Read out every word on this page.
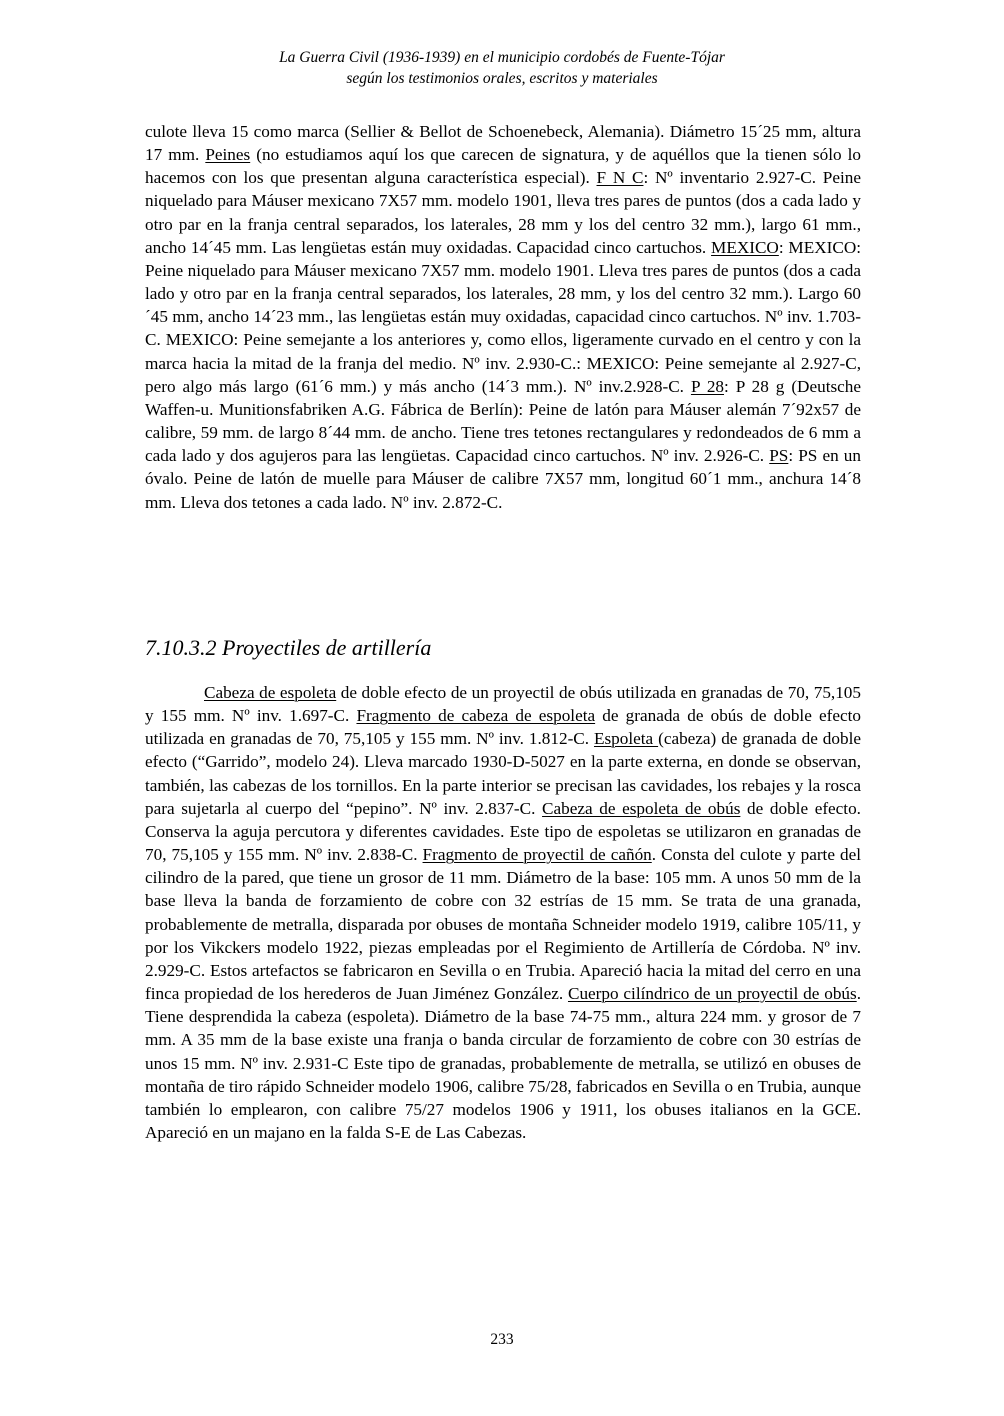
La Guerra Civil (1936-1939) en el municipio cordobés de Fuente-Tójar
según los testimonios orales, escritos y materiales

culote lleva 15 como marca (Sellier & Bellot de Schoenebeck, Alemania). Diámetro 15´25 mm, altura 17 mm. Peines (no estudiamos aquí los que carecen de signatura, y de aquéllos que la tienen sólo lo hacemos con los que presentan alguna característica especial). F N C: Nº inventario 2.927-C. Peine niquelado para Máuser mexicano 7X57 mm. modelo 1901, lleva tres pares de puntos (dos a cada lado y otro par en la franja central separados, los laterales, 28 mm y los del centro 32 mm.), largo 61 mm., ancho 14´45 mm. Las lengüetas están muy oxidadas. Capacidad cinco cartuchos. MEXICO: MEXICO: Peine niquelado para Máuser mexicano 7X57 mm. modelo 1901. Lleva tres pares de puntos (dos a cada lado y otro par en la franja central separados, los laterales, 28 mm, y los del centro 32 mm.). Largo 60´45 mm, ancho 14´23 mm., las lengüetas están muy oxidadas, capacidad cinco cartuchos. Nº inv. 1.703-C. MEXICO: Peine semejante a los anteriores y, como ellos, ligeramente curvado en el centro y con la marca hacia la mitad de la franja del medio. Nº inv. 2.930-C.: MEXICO: Peine semejante al 2.927-C, pero algo más largo (61´6 mm.) y más ancho (14´3 mm.). Nº inv.2.928-C. P 28: P 28 g (Deutsche Waffen-u. Munitionsfabriken A.G. Fábrica de Berlín): Peine de latón para Máuser alemán 7´92x57 de calibre, 59 mm. de largo 8´44 mm. de ancho. Tiene tres tetones rectangulares y redondeados de 6 mm a cada lado y dos agujeros para las lengüetas. Capacidad cinco cartuchos. Nº inv. 2.926-C. PS: PS en un óvalo. Peine de latón de muelle para Máuser de calibre 7X57 mm, longitud 60´1 mm., anchura 14´8 mm. Lleva dos tetones a cada lado. Nº inv. 2.872-C.

7.10.3.2 Proyectiles de artillería

Cabeza de espoleta de doble efecto de un proyectil de obús utilizada en granadas de 70, 75,105 y 155 mm. Nº inv. 1.697-C. Fragmento de cabeza de espoleta de granada de obús de doble efecto utilizada en granadas de 70, 75,105 y 155 mm. Nº inv. 1.812-C. Espoleta (cabeza) de granada de doble efecto (“Garrido”, modelo 24). Lleva marcado 1930-D-5027 en la parte externa, en donde se observan, también, las cabezas de los tornillos. En la parte interior se precisan las cavidades, los rebajes y la rosca para sujetarla al cuerpo del “pepino”. Nº inv. 2.837-C. Cabeza de espoleta de obús de doble efecto. Conserva la aguja percutora y diferentes cavidades. Este tipo de espoletas se utilizaron en granadas de 70, 75,105 y 155 mm. Nº inv. 2.838-C. Fragmento de proyectil de cañón. Consta del culote y parte del cilindro de la pared, que tiene un grosor de 11 mm. Diámetro de la base: 105 mm. A unos 50 mm de la base lleva la banda de forzamiento de cobre con 32 estrías de 15 mm. Se trata de una granada, probablemente de metralla, disparada por obuses de montaña Schneider modelo 1919, calibre 105/11, y por los Vikckers modelo 1922, piezas empleadas por el Regimiento de Artillería de Córdoba. Nº inv. 2.929-C. Estos artefactos se fabricaron en Sevilla o en Trubia. Apareció hacia la mitad del cerro en una finca propiedad de los herederos de Juan Jiménez González. Cuerpo cilíndrico de un proyectil de obús. Tiene desprendida la cabeza (espoleta). Diámetro de la base 74-75 mm., altura 224 mm. y grosor de 7 mm. A 35 mm de la base existe una franja o banda circular de forzamiento de cobre con 30 estrías de unos 15 mm. Nº inv. 2.931-C Este tipo de granadas, probablemente de metralla, se utilizó en obuses de montaña de tiro rápido Schneider modelo 1906, calibre 75/28, fabricados en Sevilla o en Trubia, aunque también lo emplearon, con calibre 75/27 modelos 1906 y 1911, los obuses italianos en la GCE. Apareció en un majano en la falda S-E de Las Cabezas.

233
